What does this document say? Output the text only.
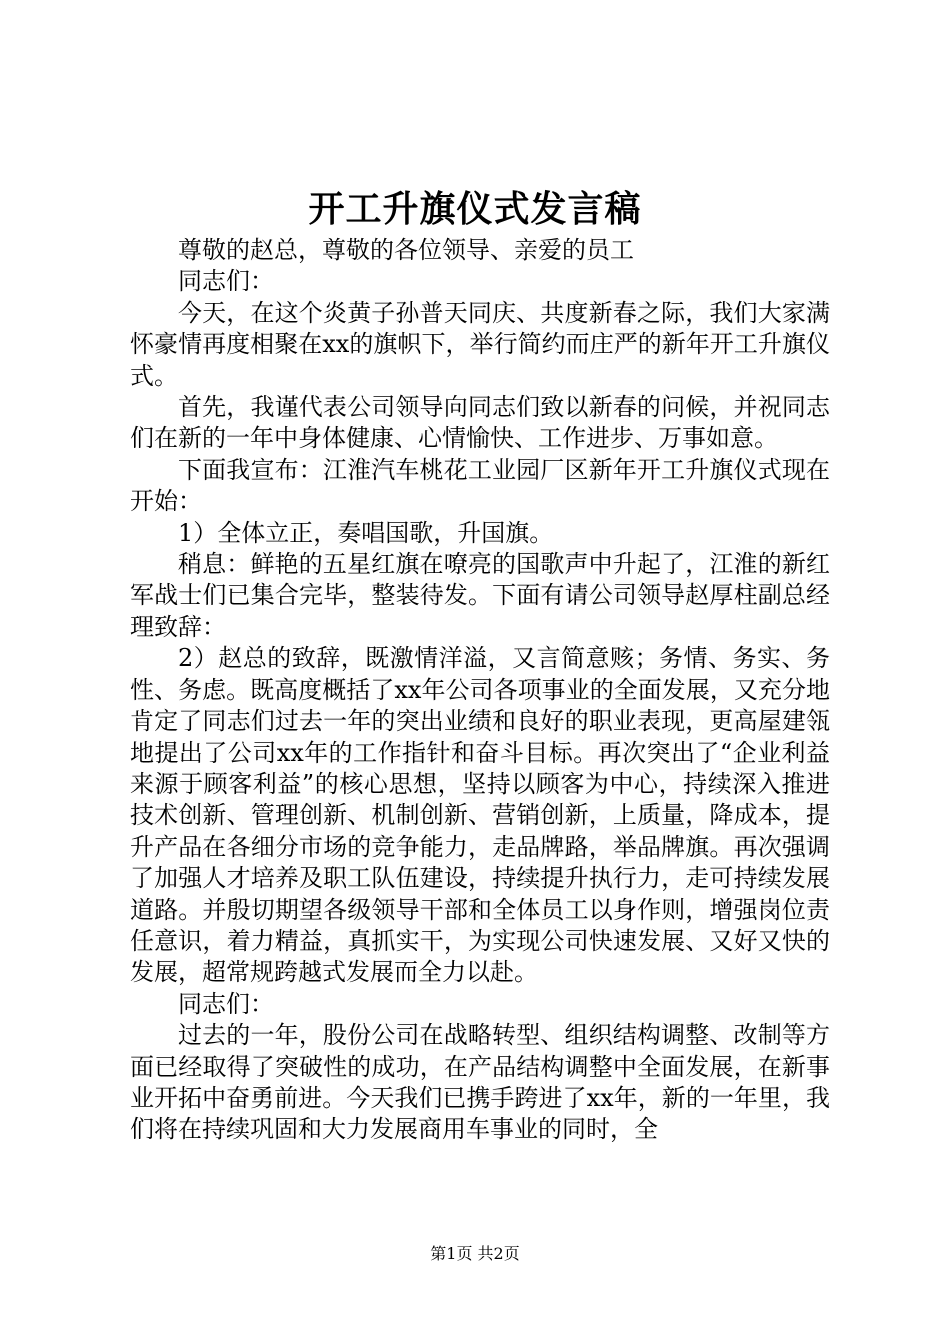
开工升旗仪式发言稿

尊敬的赵总，尊敬的各位领导、亲爱的员工

同志们：

今天，在这个炎黄子孙普天同庆、共度新春之际，我们大家满怀豪情再度相聚在xx的旗帜下，举行简约而庄严的新年开工升旗仪式。

首先，我谨代表公司领导向同志们致以新春的问候，并祝同志们在新的一年中身体健康、心情愉快、工作进步、万事如意。

下面我宣布：江淮汽车桃花工业园厂区新年开工升旗仪式现在开始：

1）全体立正，奏唱国歌，升国旗。

稍息：鲜艳的五星红旗在嘹亮的国歌声中升起了，江淮的新红军战士们已集合完毕，整装待发。下面有请公司领导赵厚柱副总经理致辞：

2）赵总的致辞，既激情洋溢，又言简意赅；务情、务实、务性、务虑。既高度概括了xx年公司各项事业的全面发展，又充分地肯定了同志们过去一年的突出业绩和良好的职业表现，更高屋建瓴地提出了公司xx年的工作指针和奋斗目标。再次突出了“企业利益来源于顾客利益”的核心思想，坚持以顾客为中心，持续深入推进技术创新、管理创新、机制创新、营销创新，上质量，降成本，提升产品在各细分市场的竞争能力，走品牌路，举品牌旗。再次强调了加强人才培养及职工队伍建设，持续提升执行力，走可持续发展道路。并殷切期望各级领导干部和全体员工以身作则，增强岗位责任意识，着力精益，真抓实干，为实现公司快速发展、又好又快的发展，超常规跨越式发展而全力以赴。

同志们：

过去的一年，股份公司在战略转型、组织结构调整、改制等方面已经取得了突破性的成功，在产品结构调整中全面发展，在新事业开拓中奋勇前进。今天我们已携手跨进了xx年，新的一年里，我们将在持续巩固和大力发展商用车事业的同时，全

第1页 共2页
